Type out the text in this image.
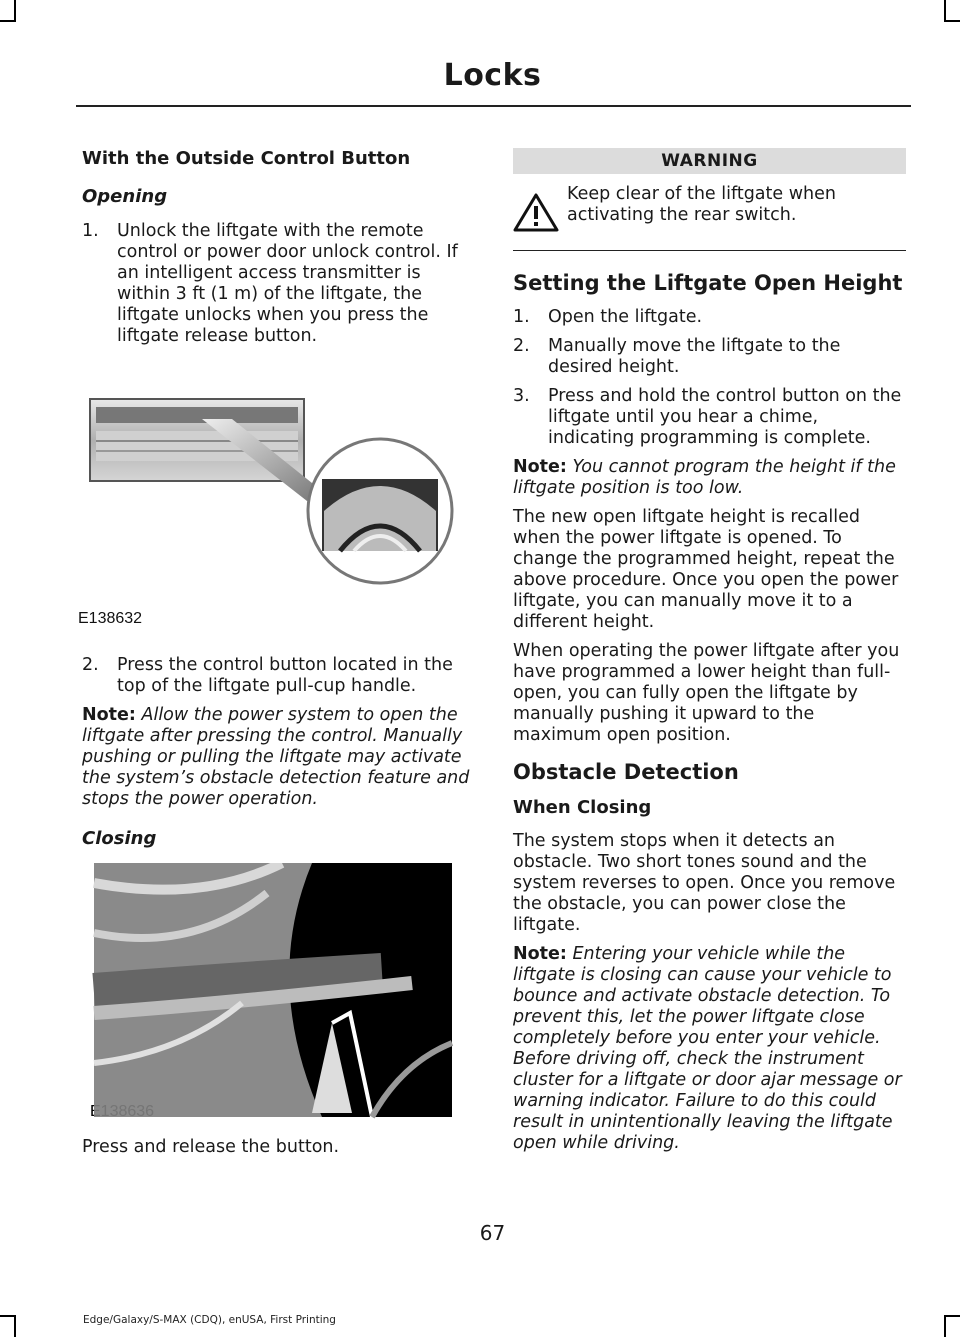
Locks
With the Outside Control Button
Opening
1. Unlock the liftgate with the remote control or power door unlock control. If an intelligent access transmitter is within 3 ft (1 m) of the liftgate, the liftgate unlocks when you press the liftgate release button.
E138632
2. Press the control button located in the top of the liftgate pull-cup handle.

Note: Allow the power system to open the liftgate after pressing the control. Manually pushing or pulling the liftgate may activate the system’s obstacle detection feature and stops the power operation.

Closing
E138636

Press and release the button.

WARNING
Keep clear of the liftgate when activating the rear switch.
Setting the Liftgate Open Height
1. Open the liftgate.
2. Manually move the liftgate to the desired height.
3. Press and hold the control button on the liftgate until you hear a chime, indicating programming is complete.

Note: You cannot program the height if the liftgate position is too low.

The new open liftgate height is recalled when the power liftgate is opened. To change the programmed height, repeat the above procedure. Once you open the power liftgate, you can manually move it to a different height.

When operating the power liftgate after you have programmed a lower height than full-open, you can fully open the liftgate by manually pushing it upward to the maximum open position.

Obstacle Detection
When Closing

The system stops when it detects an obstacle. Two short tones sound and the system reverses to open. Once you remove the obstacle, you can power close the liftgate.

Note: Entering your vehicle while the liftgate is closing can cause your vehicle to bounce and activate obstacle detection. To prevent this, let the power liftgate close completely before you enter your vehicle. Before driving off, check the instrument cluster for a liftgate or door ajar message or warning indicator. Failure to do this could result in unintentionally leaving the liftgate open while driving.

67
Edge/Galaxy/S-MAX (CDQ), enUSA, First Printing
